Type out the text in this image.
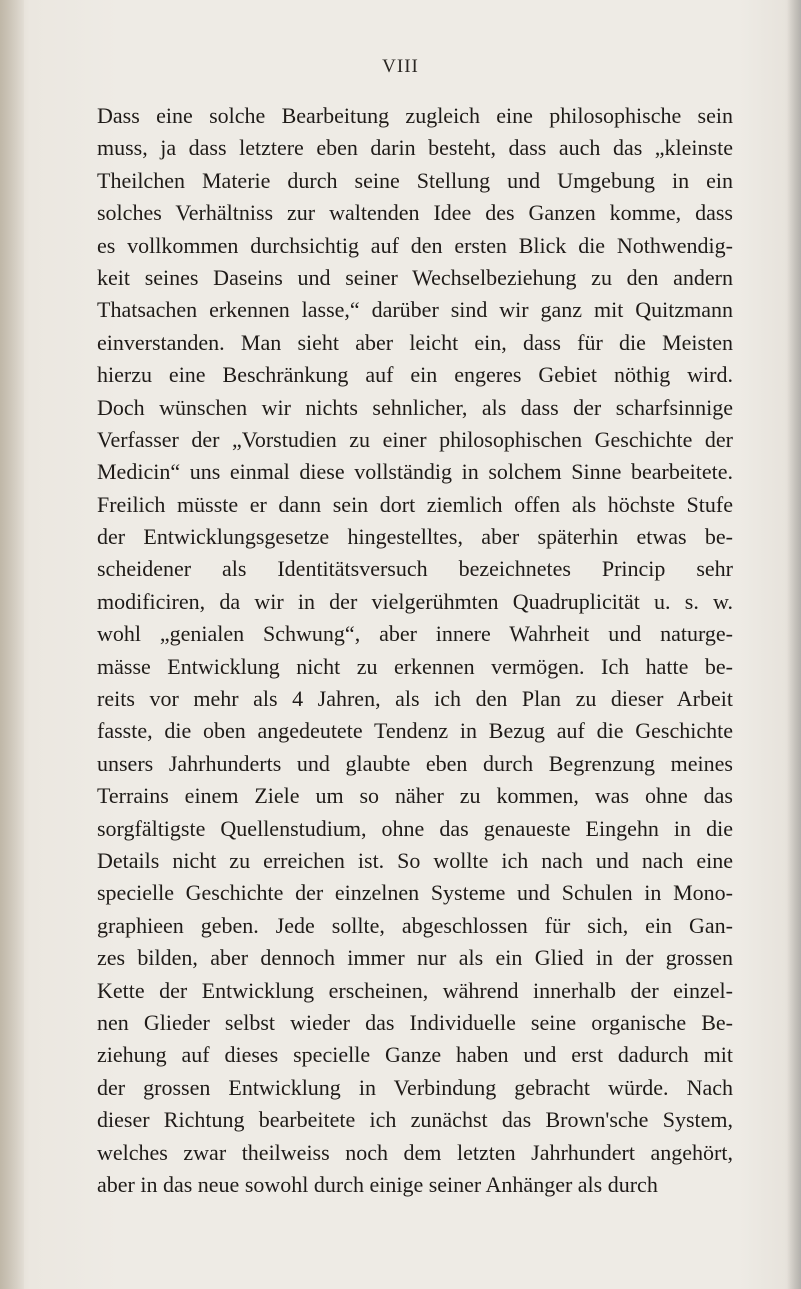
VIII
Dass eine solche Bearbeitung zugleich eine philosophische sein
muss, ja dass letztere eben darin besteht, dass auch das „kleinste
Theilchen Materie durch seine Stellung und Umgebung in ein
solches Verhältniss zur waltenden Idee des Ganzen komme, dass
es vollkommen durchsichtig auf den ersten Blick die Nothwendig-
keit seines Daseins und seiner Wechselbeziehung zu den andern
Thatsachen erkennen lasse,“ darüber sind wir ganz mit Quitzmann
einverstanden. Man sieht aber leicht ein, dass für die Meisten
hierzu eine Beschränkung auf ein engeres Gebiet nöthig wird.
Doch wünschen wir nichts sehnlicher, als dass der scharfsinnige
Verfasser der „Vorstudien zu einer philosophischen Geschichte der
Medicin“ uns einmal diese vollständig in solchem Sinne bearbeitete.
Freilich müsste er dann sein dort ziemlich offen als höchste Stufe
der Entwicklungsgesetze hingestelltes, aber späterhin etwas be-
scheidener als Identitätsversuch bezeichnetes Princip sehr
modificiren, da wir in der vielgerühmten Quadruplicität u. s. w.
wohl „genialen Schwung“, aber innere Wahrheit und naturge-
mässe Entwicklung nicht zu erkennen vermögen. Ich hatte be-
reits vor mehr als 4 Jahren, als ich den Plan zu dieser Arbeit
fasste, die oben angedeutete Tendenz in Bezug auf die Geschichte
unsers Jahrhunderts und glaubte eben durch Begrenzung meines
Terrains einem Ziele um so näher zu kommen, was ohne das
sorgfältigste Quellenstudium, ohne das genaueste Eingehn in die
Details nicht zu erreichen ist. So wollte ich nach und nach eine
specielle Geschichte der einzelnen Systeme und Schulen in Mono-
graphieen geben. Jede sollte, abgeschlossen für sich, ein Gan-
zes bilden, aber dennoch immer nur als ein Glied in der grossen
Kette der Entwicklung erscheinen, während innerhalb der einzel-
nen Glieder selbst wieder das Individuelle seine organische Be-
ziehung auf dieses specielle Ganze haben und erst dadurch mit
der grossen Entwicklung in Verbindung gebracht würde. Nach
dieser Richtung bearbeitete ich zunächst das Brown'sche System,
welches zwar theilweiss noch dem letzten Jahrhundert angehört,
aber in das neue sowohl durch einige seiner Anhänger als durch
